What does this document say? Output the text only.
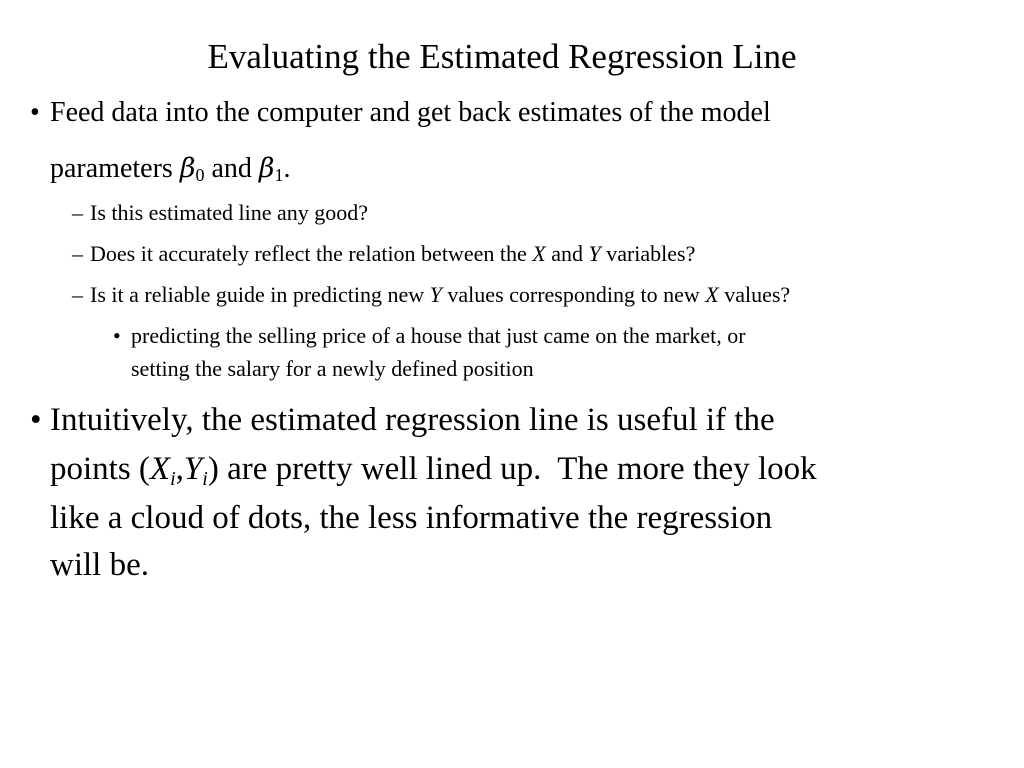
Evaluating the Estimated Regression Line
• Feed data into the computer and get back estimates of the model
parameters $\beta_0$ and $\beta_1$.
– Is this estimated line any good?
– Does it accurately reflect the relation between the X and Y variables?
– Is it a reliable guide in predicting new Y values corresponding to new X values?
• predicting the selling price of a house that just came on the market, or
setting the salary for a newly defined position
• Intuitively, the estimated regression line is useful if the
points (Xi,Yi) are pretty well lined up.  The more they look
like a cloud of dots, the less informative the regression
will be.
